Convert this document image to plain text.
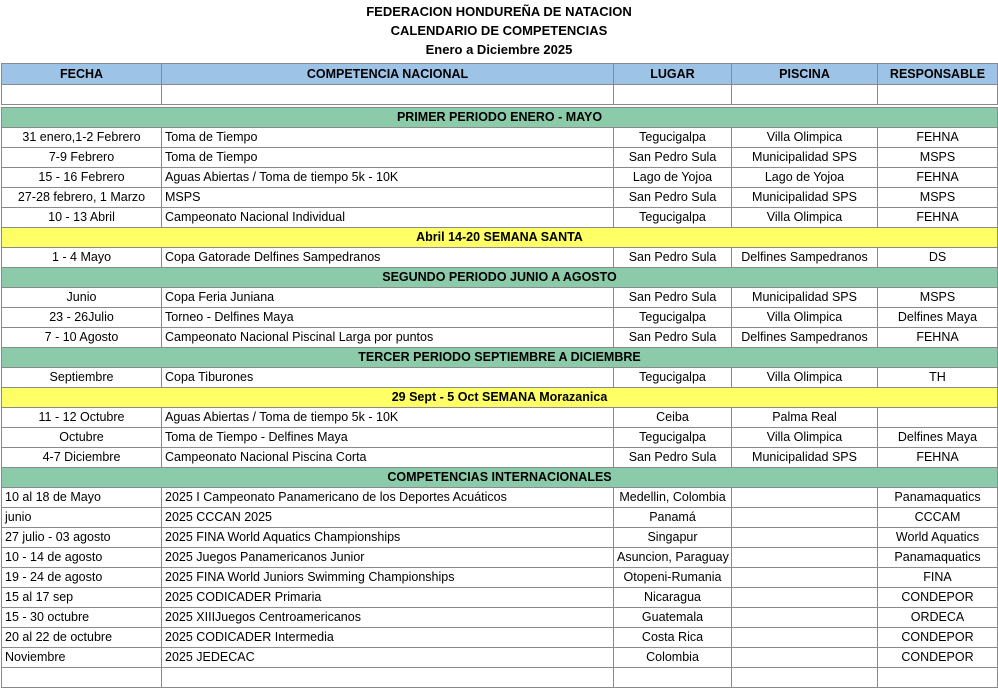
FEDERACION HONDUREÑA DE NATACION
CALENDARIO DE COMPETENCIAS
Enero a Diciembre 2025
FECHA	COMPETENCIA NACIONAL	LUGAR	PISCINA	RESPONSABLE

PRIMER PERIODO ENERO - MAYO				
31 enero,1-2 Febrero	Toma de Tiempo	Tegucigalpa	Villa Olimpica	FEHNA
7-9 Febrero	Toma de Tiempo	San Pedro Sula	Municipalidad SPS	MSPS
15 - 16 Febrero	Aguas Abiertas / Toma de tiempo 5k - 10K	Lago de Yojoa	Lago de Yojoa	FEHNA
27-28 febrero, 1 Marzo	MSPS	San Pedro Sula	Municipalidad SPS	MSPS
10 - 13 Abril	Campeonato Nacional Individual	Tegucigalpa	Villa Olimpica	FEHNA
Abril 14-20 SEMANA SANTA				
1 - 4 Mayo	Copa Gatorade Delfines Sampedranos	San Pedro Sula	Delfines Sampedranos	DS
SEGUNDO PERIODO JUNIO A AGOSTO				
Junio	Copa Feria Juniana	San Pedro Sula	Municipalidad SPS	MSPS
23 - 26Julio	Torneo - Delfines Maya	Tegucigalpa	Villa Olimpica	Delfines Maya
7 - 10 Agosto	Campeonato Nacional Piscinal Larga por puntos	San Pedro Sula	Delfines Sampedranos	FEHNA
TERCER PERIODO SEPTIEMBRE A DICIEMBRE				
Septiembre	Copa Tiburones	Tegucigalpa	Villa Olimpica	TH
29 Sept - 5 Oct SEMANA Morazanica				
11 - 12 Octubre	Aguas Abiertas / Toma de tiempo 5k - 10K	Ceiba	Palma Real	
Octubre	Toma de Tiempo - Delfines Maya	Tegucigalpa	Villa Olimpica	Delfines Maya
4-7 Diciembre	Campeonato Nacional Piscina Corta	San Pedro Sula	Municipalidad SPS	FEHNA
COMPETENCIAS INTERNACIONALES				
10 al 18 de Mayo	2025 I Campeonato Panamericano de los Deportes Acuáticos	Medellin, Colombia		Panamaquatics
junio	2025 CCCAN 2025	Panamá		CCCAM
27 julio - 03 agosto	2025 FINA World Aquatics Championships	Singapur		World Aquatics
10 - 14 de agosto	2025 Juegos Panamericanos Junior	Asuncion, Paraguay		Panamaquatics
19 - 24 de agosto	2025 FINA World Juniors Swimming Championships	Otopeni-Rumania		FINA
15 al 17 sep	2025 CODICADER Primaria	Nicaragua		CONDEPOR
15 - 30 octubre	2025 XIIIJuegos Centroamericanos	Guatemala		ORDECA
20 al 22 de octubre	2025 CODICADER Intermedia	Costa Rica		CONDEPOR
Noviembre	2025 JEDECAC	Colombia		CONDEPOR
